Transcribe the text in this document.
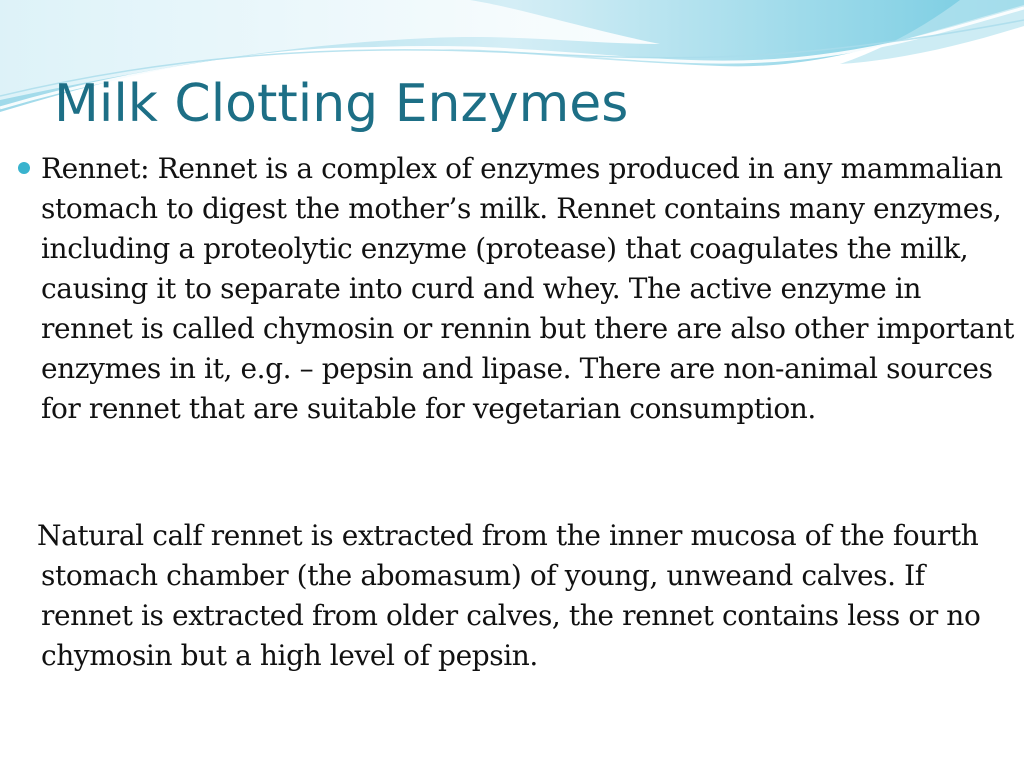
Milk Clotting Enzymes

Rennet: Rennet is a complex of enzymes produced in any mammalian stomach to digest the mother’s milk. Rennet contains many enzymes, including a proteolytic enzyme (protease) that coagulates the milk, causing it to separate into curd and whey. The active enzyme in rennet is called chymosin or rennin but there are also other important enzymes in it, e.g. – pepsin and lipase. There are non-animal sources for rennet that are suitable for vegetarian consumption.

Natural calf rennet is extracted from the inner mucosa of the fourth stomach chamber (the abomasum) of young, unweand calves. If rennet is extracted from older calves, the rennet contains less or no chymosin but a high level of pepsin.
